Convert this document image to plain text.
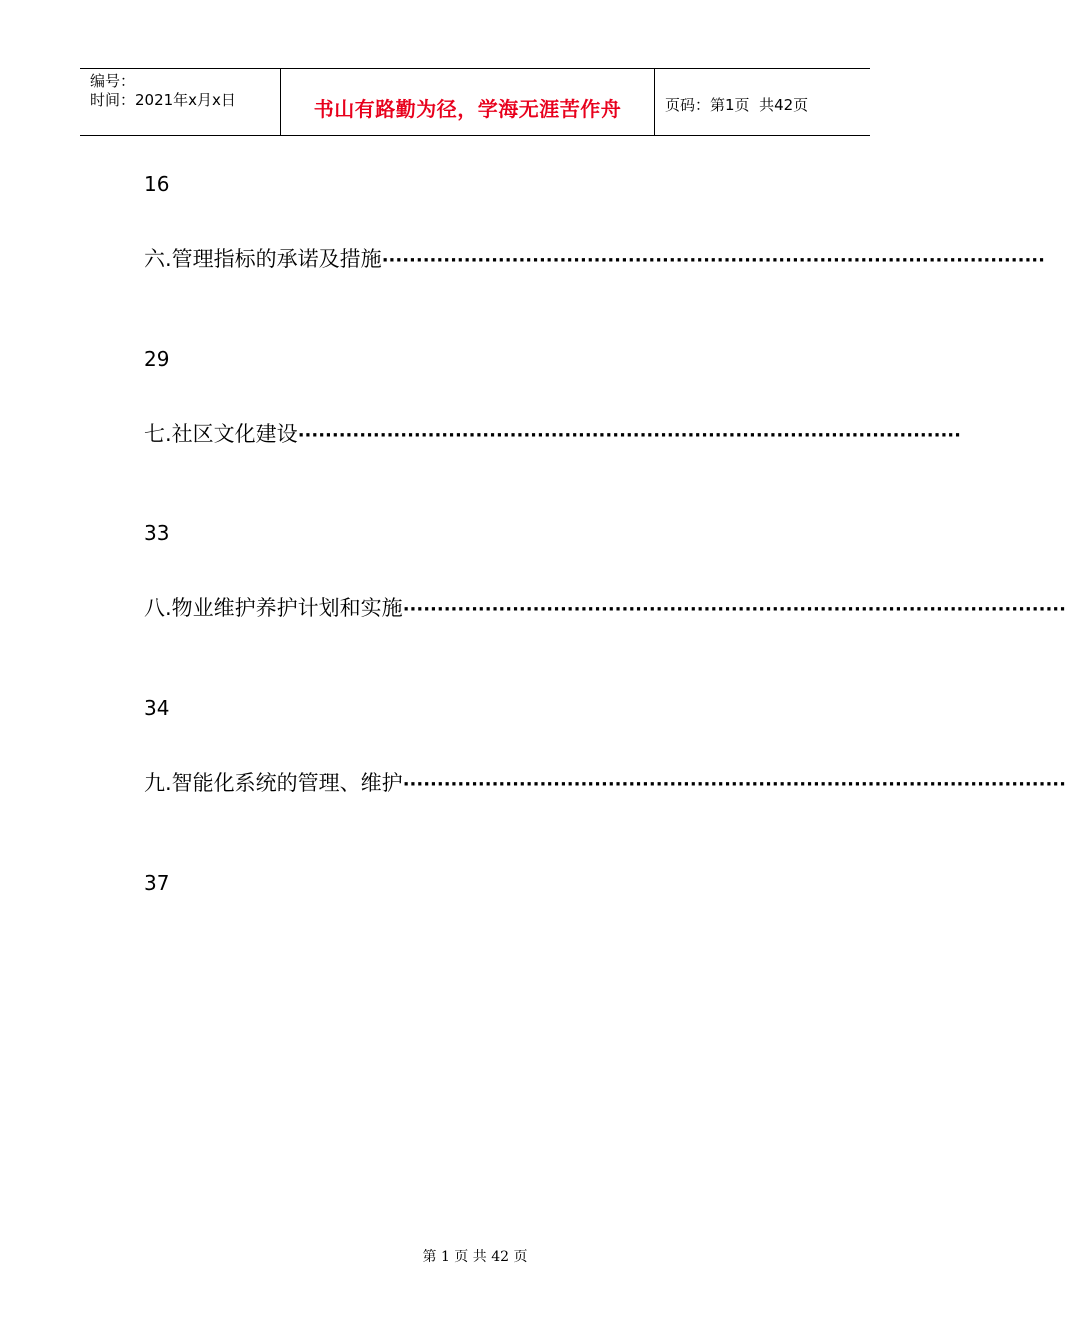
编号：
时间：2021年x月x日	书山有路勤为径，学海无涯苦作舟	页码：第1页  共42页
16
六.管理指标的承诺及措施 ·································································································
29
七.社区文化建设 ·································································································
33
八.物业维护养护计划和实施 ·································································································
34
九.智能化系统的管理、维护 ·································································································
37
第 1 页 共 42 页
